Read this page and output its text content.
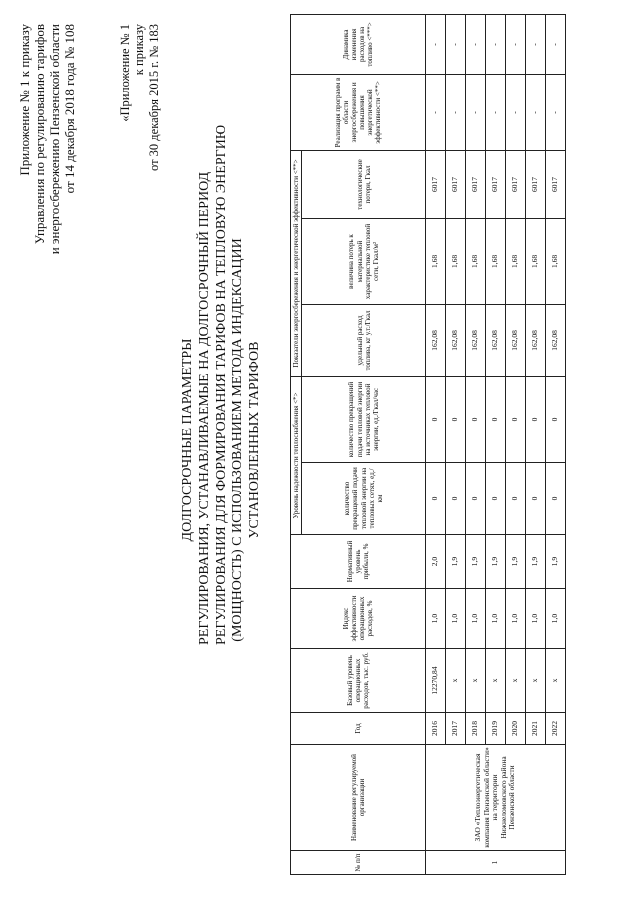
Приложение № 1 к приказу Управления по регулированию тарифов и энергосбережению Пензенской области от 14 декабря 2018 года № 108	«Приложение № 1 к приказу от 30 декабря 2015 г. № 183
ДОЛГОСРОЧНЫЕ ПАРАМЕТРЫ РЕГУЛИРОВАНИЯ, УСТАНАВЛИВАЕМЫЕ НА ДОЛГОСРОЧНЫЙ ПЕРИОД РЕГУЛИРОВАНИЯ ДЛЯ ФОРМИРОВАНИЯ ТАРИФОВ НА ТЕПЛОВУЮ ЭНЕРГИЮ (МОЩНОСТЬ) С ИСПОЛЬЗОВАНИЕМ МЕТОДА ИНДЕКСАЦИИ УСТАНОВЛЕННЫХ ТАРИФОВ
№ п/п	Наименование регулируемой организации	Год	Базовый уровень операционных расходов, тыс. руб.	Индекс эффективности операционных расходов, %	Нормативный уровень прибыли, %	Уровень надежности теплоснабжения <*>		Показатели энергосбережения и энергетической эффективности <**>			Реализация программ в области энергосбережения и повышения энергетической эффективности <**>	Динамика изменения расходов на топливо <***>
						количество прекращений подачи тепловой энергии на тепловых сетях, ед./км	количество прекращений подачи тепловой энергии на источниках тепловой энергии, ед./Гкал/час	удельный расход топлива, кг у.т./Гкал	величина потерь к материальной характеристике тепловой сети, Гкал/м²	технологические потери, Гкал		
1	ЗАО «Теплоэнергетическая компания Пензенской области» на территории Нижнеломовского района Пензенской области	2016	12270,84	1,0	2,0	0	0	162,08	1,68	6017	-	-
		2017	x	1,0	1,9	0	0	162,08	1,68	6017	-	-
		2018	x	1,0	1,9	0	0	162,08	1,68	6017	-	-
		2019	x	1,0	1,9	0	0	162,08	1,68	6017	-	-
		2020	x	1,0	1,9	0	0	162,08	1,68	6017	-	-
		2021	x	1,0	1,9	0	0	162,08	1,68	6017	-	-
		2022	x	1,0	1,9	0	0	162,08	1,68	6017	-	-
